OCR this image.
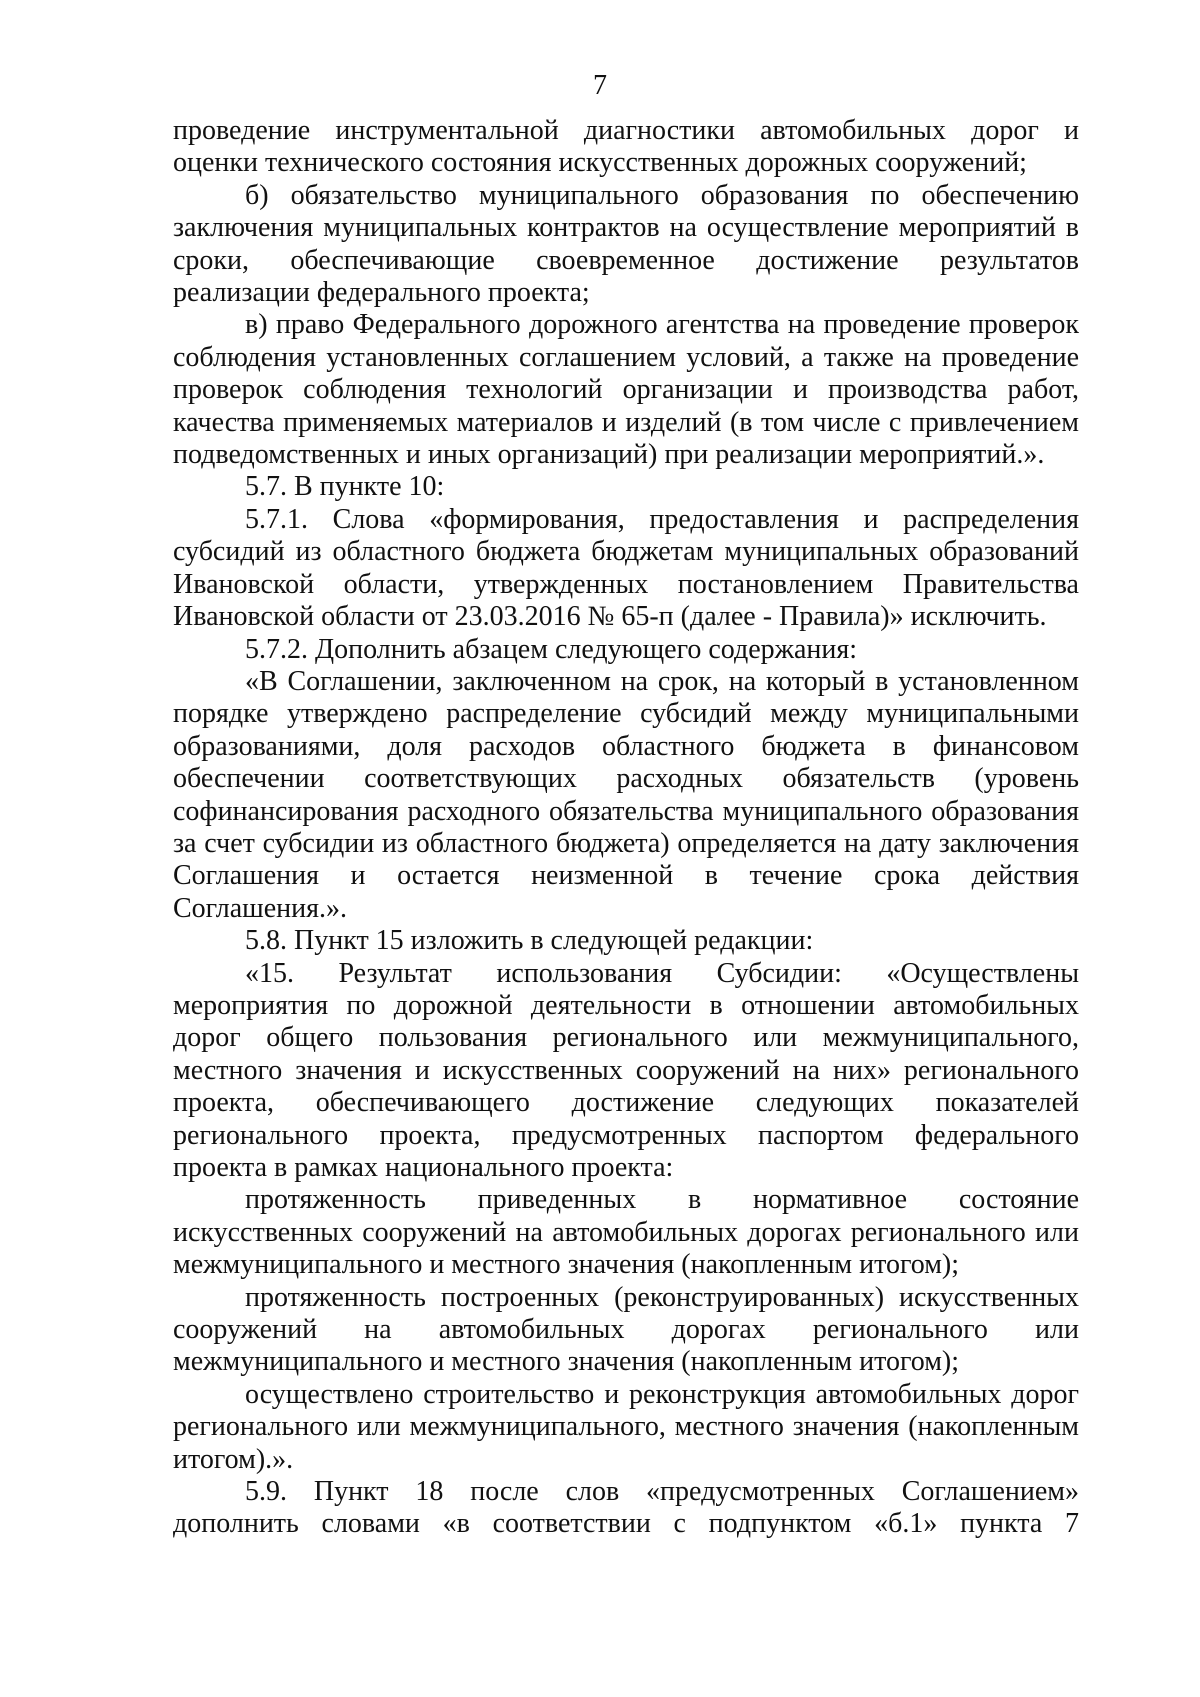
7

проведение инструментальной диагностики автомобильных дорог и оценки технического состояния искусственных дорожных сооружений;

б) обязательство муниципального образования по обеспечению заключения муниципальных контрактов на осуществление мероприятий в сроки, обеспечивающие своевременное достижение результатов реализации федерального проекта;

в) право Федерального дорожного агентства на проведение проверок соблюдения установленных соглашением условий, а также на проведение проверок соблюдения технологий организации и производства работ, качества применяемых материалов и изделий (в том числе с привлечением подведомственных и иных организаций) при реализации мероприятий.».

5.7. В пункте 10:

5.7.1. Слова «формирования, предоставления и распределения субсидий из областного бюджета бюджетам муниципальных образований Ивановской области, утвержденных постановлением Правительства Ивановской области от 23.03.2016 № 65-п (далее - Правила)» исключить.

5.7.2. Дополнить абзацем следующего содержания:

«В Соглашении, заключенном на срок, на который в установленном порядке утверждено распределение субсидий между муниципальными образованиями, доля расходов областного бюджета в финансовом обеспечении соответствующих расходных обязательств (уровень софинансирования расходного обязательства муниципального образования за счет субсидии из областного бюджета) определяется на дату заключения Соглашения и остается неизменной в течение срока действия Соглашения.».

5.8. Пункт 15 изложить в следующей редакции:

«15. Результат использования Субсидии: «Осуществлены мероприятия по дорожной деятельности в отношении автомобильных дорог общего пользования регионального или межмуниципального, местного значения и искусственных сооружений на них» регионального проекта, обеспечивающего достижение следующих показателей регионального проекта, предусмотренных паспортом федерального проекта в рамках национального проекта:

протяженность приведенных в нормативное состояние искусственных сооружений на автомобильных дорогах регионального или межмуниципального и местного значения (накопленным итогом);

протяженность построенных (реконструированных) искусственных сооружений на автомобильных дорогах регионального или межмуниципального и местного значения (накопленным итогом);

осуществлено строительство и реконструкция автомобильных дорог регионального или межмуниципального, местного значения (накопленным итогом).».

5.9. Пункт 18 после слов «предусмотренных Соглашением» дополнить словами «в соответствии с подпунктом «б.1» пункта 7
